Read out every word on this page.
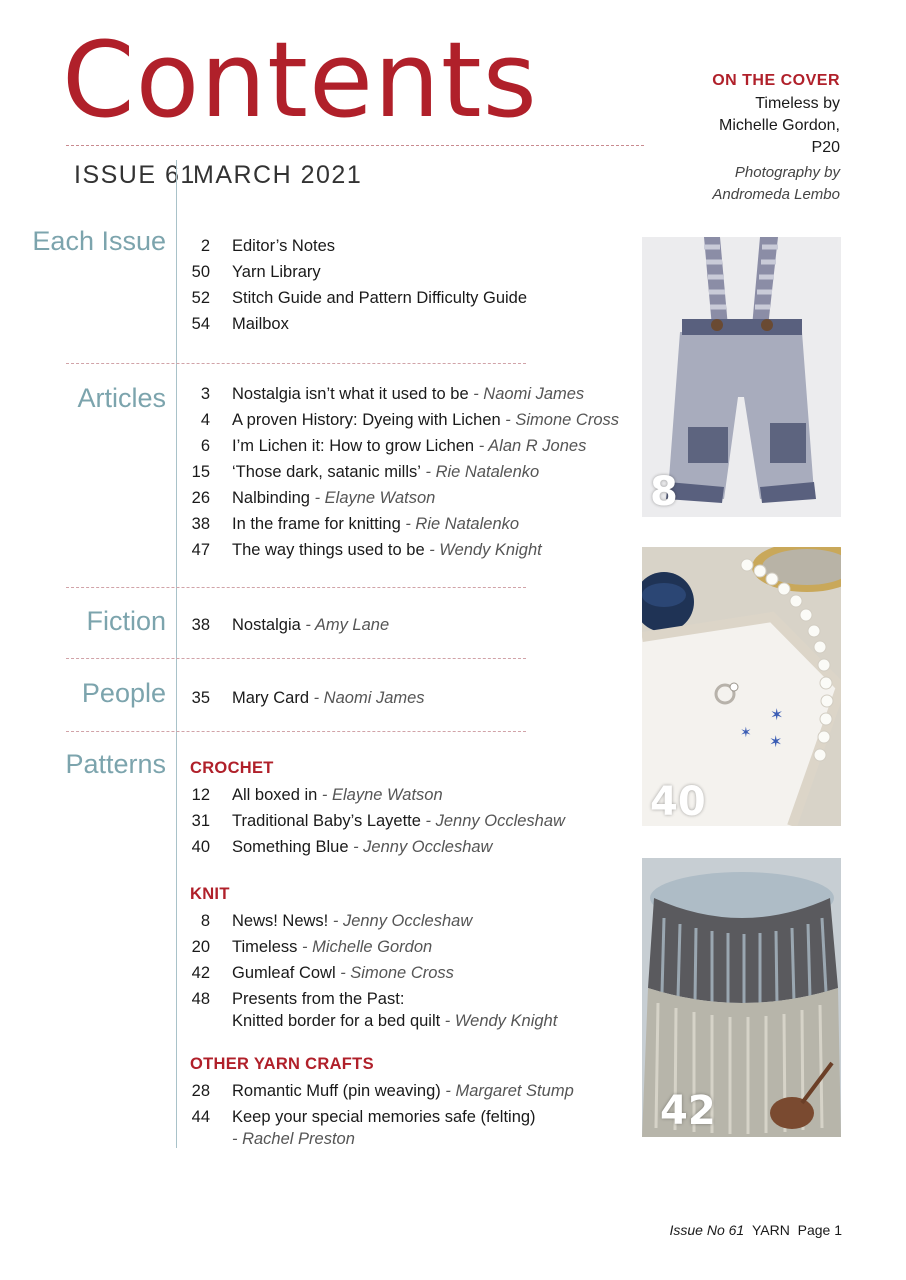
Contents
ISSUE 61
MARCH 2021
ON THE COVER
Timeless by
Michelle Gordon,
P20
Photography by
Andromeda Lembo
Each Issue	2 Editor’s Notes
50 Yarn Library
52 Stitch Guide and Pattern Difficulty Guide
54 Mailbox
Articles	3 Nostalgia isn’t what it used to be - Naomi James
4 A proven History: Dyeing with Lichen - Simone Cross
6 I’m Lichen it: How to grow Lichen - Alan R Jones
15 ‘Those dark, satanic mills’ - Rie Natalenko
26 Nalbinding - Elayne Watson
38 In the frame for knitting - Rie Natalenko
47 The way things used to be - Wendy Knight
Fiction	38 Nostalgia - Amy Lane
People	35 Mary Card - Naomi James
Patterns CROCHET
12 All boxed in - Elayne Watson
31 Traditional Baby’s Layette - Jenny Occleshaw
40 Something Blue - Jenny Occleshaw
KNIT
8 News! News! - Jenny Occleshaw
20 Timeless - Michelle Gordon
42 Gumleaf Cowl - Simone Cross
48 Presents from the Past:
Knitted border for a bed quilt - Wendy Knight
OTHER YARN CRAFTS
28 Romantic Muff (pin weaving) - Margaret Stump
44 Keep your special memories safe (felting)
- Rachel Preston
8
✶
✶ ✶
40
42
Issue No 61 YARN Page 1
